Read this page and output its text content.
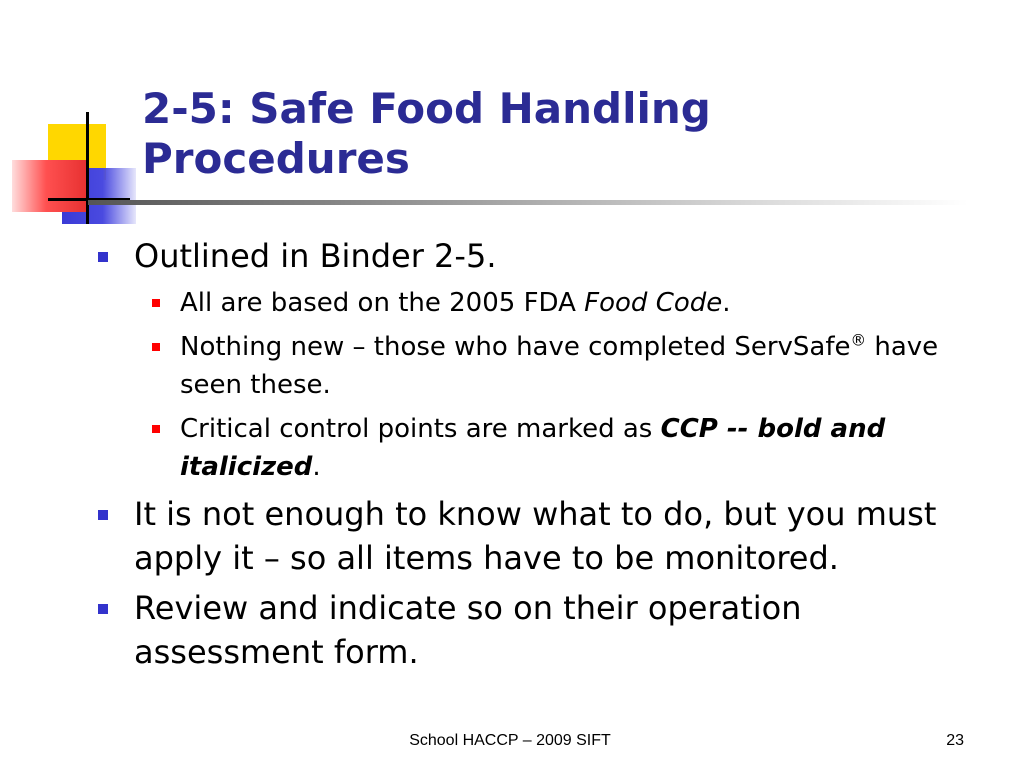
2-5: Safe Food Handling
Procedures
Outlined in Binder 2-5.
All are based on the 2005 FDA Food Code.
Nothing new – those who have completed ServSafe® have seen these.
Critical control points are marked as CCP -- bold and italicized.
It is not enough to know what to do, but you must apply it – so all items have to be monitored.
Review and indicate so on their operation assessment form.
School HACCP – 2009 SIFT	23
